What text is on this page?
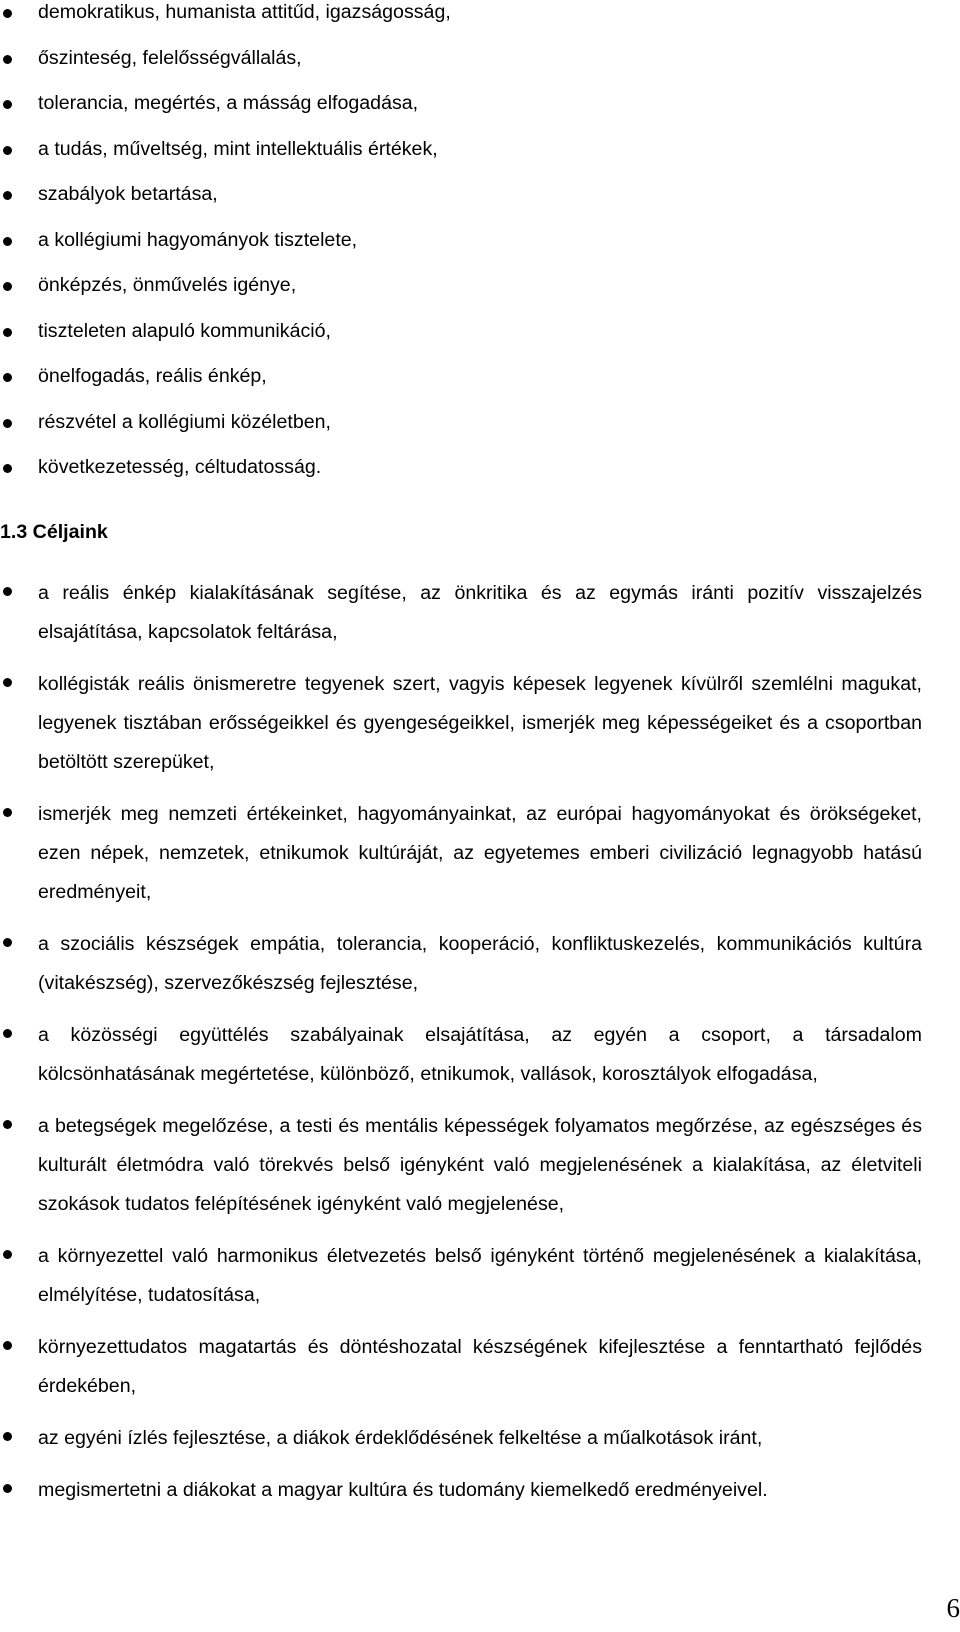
demokratikus, humanista attitűd, igazságosság,
őszinteség, felelősségvállalás,
tolerancia, megértés, a másság elfogadása,
a tudás, műveltség, mint intellektuális értékek,
szabályok betartása,
a kollégiumi hagyományok tisztelete,
önképzés, önművelés igénye,
tiszteleten alapuló kommunikáció,
önelfogadás, reális énkép,
részvétel a kollégiumi közéletben,
következetesség, céltudatosság.
1.3 Céljaink
a reális énkép kialakításának segítése, az önkritika és az egymás iránti pozitív visszajelzés elsajátítása, kapcsolatok feltárása,
kollégisták reális önismeretre tegyenek szert, vagyis képesek legyenek kívülről szemlélni magukat, legyenek tisztában erősségeikkel és gyengeségeikkel, ismerjék meg képességeiket és a csoportban betöltött szerepüket,
ismerjék meg nemzeti értékeinket, hagyományainkat, az európai hagyományokat és örökségeket, ezen népek, nemzetek, etnikumok kultúráját, az egyetemes emberi civilizáció legnagyobb hatású eredményeit,
a szociális készségek empátia, tolerancia, kooperáció, konfliktuskezelés, kommunikációs kultúra (vitakészség), szervezőkészség fejlesztése,
a közösségi együttélés szabályainak elsajátítása, az egyén a csoport, a társadalom kölcsönhatásának megértetése, különböző, etnikumok, vallások, korosztályok elfogadása,
a betegségek megelőzése, a testi és mentális képességek folyamatos megőrzése, az egészséges és kulturált életmódra való törekvés belső igényként való megjelenésének a kialakítása, az életviteli szokások tudatos felépítésének igényként való megjelenése,
a környezettel való harmonikus életvezetés belső igényként történő megjelenésének a kialakítása, elmélyítése, tudatosítása,
környezettudatos magatartás és döntéshozatal készségének kifejlesztése a fenntartható fejlődés érdekében,
az egyéni ízlés fejlesztése, a diákok érdeklődésének felkeltése a műalkotások iránt,
megismertetni a diákokat a magyar kultúra és tudomány kiemelkedő eredményeivel.
6
